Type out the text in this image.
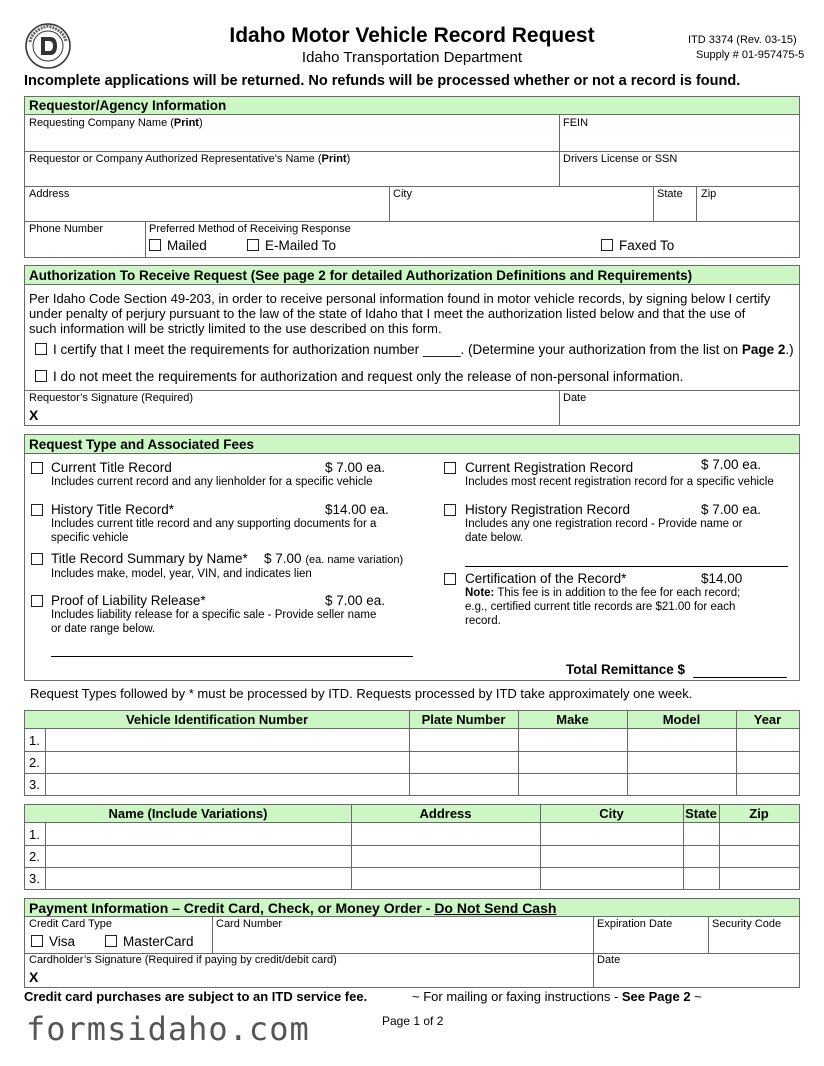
Idaho Motor Vehicle Record Request
Idaho Transportation Department
ITD 3374 (Rev. 03-15)
Supply # 01-957475-5
Incomplete applications will be returned. No refunds will be processed whether or not a record is found.
Requestor/Agency Information
Requesting Company Name (Print)	FEIN
Requestor or Company Authorized Representative's Name (Print)	Drivers License or SSN
Address	City	State Zip
Phone Number	Preferred Method of Receiving Response
Mailed	E-Mailed To	Faxed To
Authorization To Receive Request (See page 2 for detailed Authorization Definitions and Requirements)
Per Idaho Code Section 49-203, in order to receive personal information found in motor vehicle records, by signing below I certify
under penalty of perjury pursuant to the law of the state of Idaho that I meet the authorization listed below and that the use of
such information will be strictly limited to the use described on this form.
I certify that I meet the requirements for authorization number _____. (Determine your authorization from the list on Page 2.)
I do not meet the requirements for authorization and request only the release of non-personal information.
Requestor’s Signature (Required)
X
Date
Request Type and Associated Fees
Current Title Record	$ 7.00 ea.
Includes current record and any lienholder for a specific vehicle
History Title Record*	$14.00 ea.
Includes current title record and any supporting documents for a
specific vehicle
Title Record Summary by Name* $ 7.00 (ea. name variation)
Includes make, model, year, VIN, and indicates lien
Proof of Liability Release*	$ 7.00 ea.
Includes liability release for a specific sale - Provide seller name
or date range below.
Current Registration Record	$ 7.00 ea.
Includes most recent registration record for a specific vehicle
History Registration Record	$ 7.00 ea.
Includes any one registration record - Provide name or
date below.
Certification of the Record*	$14.00
Note: This fee is in addition to the fee for each record;
e.g., certified current title records are $21.00 for each
record.
Total Remittance $
Request Types followed by * must be processed by ITD. Requests processed by ITD take approximately one week.
Vehicle Identification Number	Plate Number	Make	Model	Year
1.
2.
3.
Name (Include Variations)	Address	City	State	Zip
1.
2.
3.
Payment Information – Credit Card, Check, or Money Order - Do Not Send Cash
Credit Card Type
Visa	MasterCard
Card Number	Expiration Date	Security Code
Cardholder’s Signature (Required if paying by credit/debit card)
X
Date
Credit card purchases are subject to an ITD service fee.	~ For mailing or faxing instructions - See Page 2 ~
formsidaho.com	Page 1 of 2
